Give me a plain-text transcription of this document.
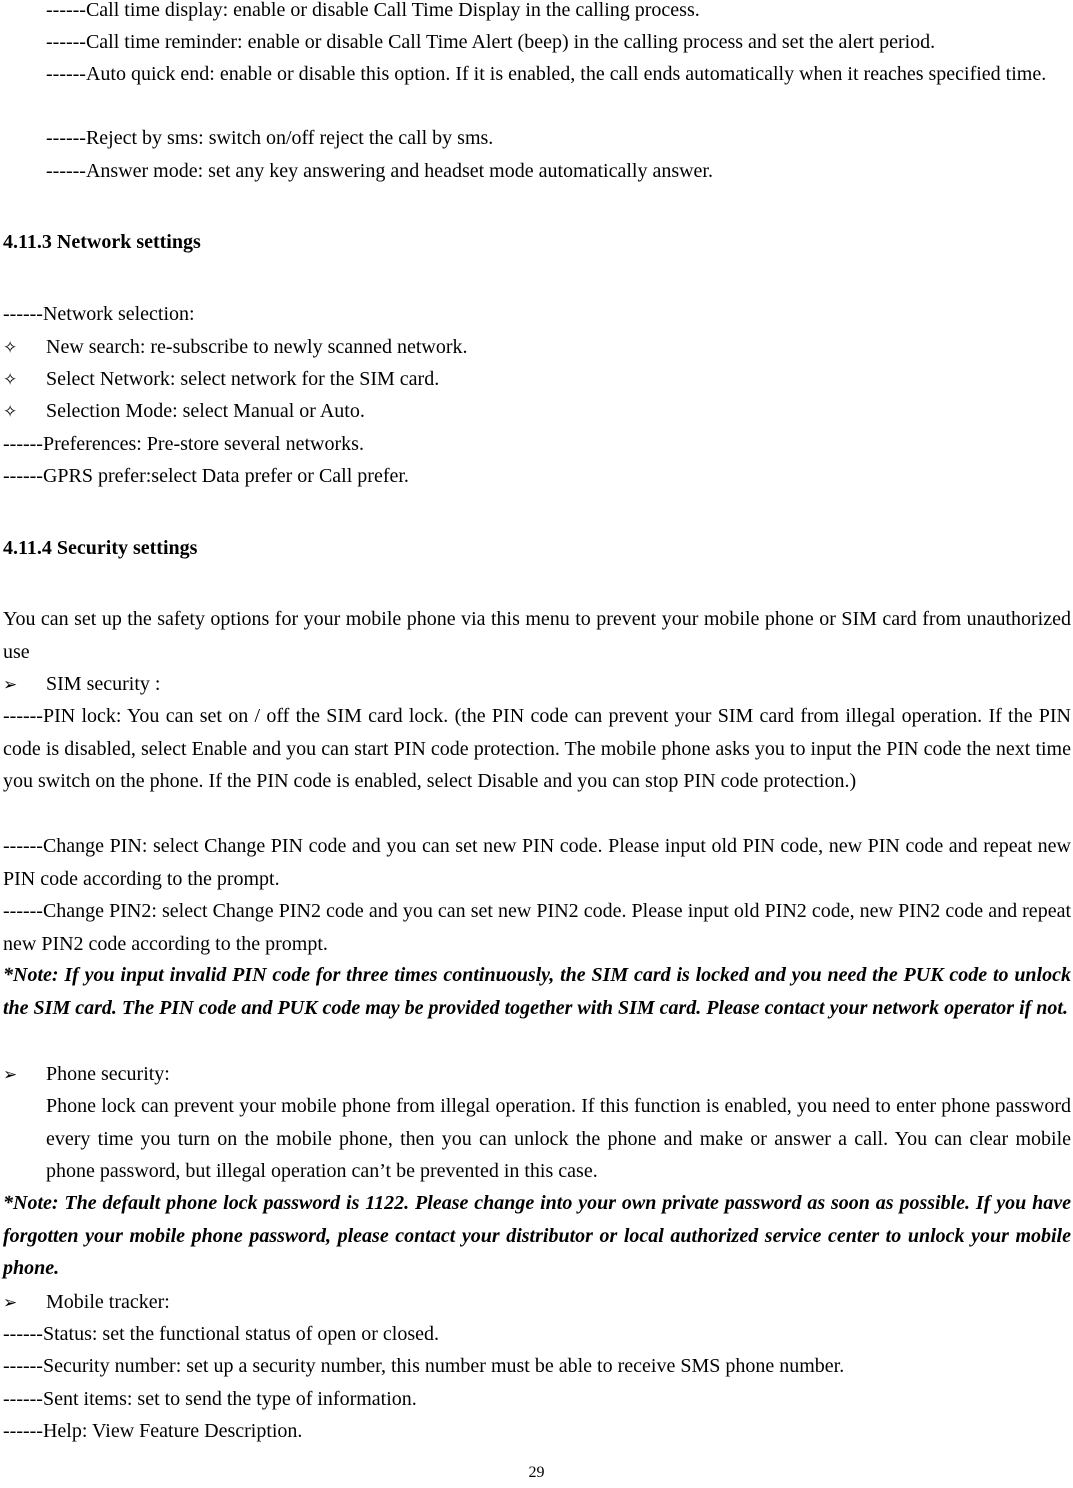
------Call time display: enable or disable Call Time Display in the calling process.
------Call time reminder: enable or disable Call Time Alert (beep) in the calling process and set the alert period.
------Auto quick end: enable or disable this option. If it is enabled, the call ends automatically when it reaches specified time.
------Reject by sms: switch on/off reject the call by sms.
------Answer mode: set any key answering and headset mode automatically answer.
4.11.3 Network settings
------Network selection:
✧ New search: re-subscribe to newly scanned network.
✧ Select Network: select network for the SIM card.
✧ Selection Mode: select Manual or Auto.
------Preferences: Pre-store several networks.
------GPRS prefer:select Data prefer or Call prefer.
4.11.4 Security settings
You can set up the safety options for your mobile phone via this menu to prevent your mobile phone or SIM card from unauthorized use
➢ SIM security :
------PIN lock: You can set on / off the SIM card lock. (the PIN code can prevent your SIM card from illegal operation. If the PIN code is disabled, select Enable and you can start PIN code protection. The mobile phone asks you to input the PIN code the next time you switch on the phone. If the PIN code is enabled, select Disable and you can stop PIN code protection.)
------Change PIN: select Change PIN code and you can set new PIN code. Please input old PIN code, new PIN code and repeat new PIN code according to the prompt.
------Change PIN2: select Change PIN2 code and you can set new PIN2 code. Please input old PIN2 code, new PIN2 code and repeat new PIN2 code according to the prompt.
*Note: If you input invalid PIN code for three times continuously, the SIM card is locked and you need the PUK code to unlock the SIM card. The PIN code and PUK code may be provided together with SIM card. Please contact your network operator if not.
➢ Phone security:
Phone lock can prevent your mobile phone from illegal operation. If this function is enabled, you need to enter phone password every time you turn on the mobile phone, then you can unlock the phone and make or answer a call. You can clear mobile phone password, but illegal operation can’t be prevented in this case.
*Note: The default phone lock password is 1122. Please change into your own private password as soon as possible. If you have forgotten your mobile phone password, please contact your distributor or local authorized service center to unlock your mobile phone.
➢ Mobile tracker:
------Status: set the functional status of open or closed.
------Security number: set up a security number, this number must be able to receive SMS phone number.
------Sent items: set to send the type of information.
------Help: View Feature Description.
29
